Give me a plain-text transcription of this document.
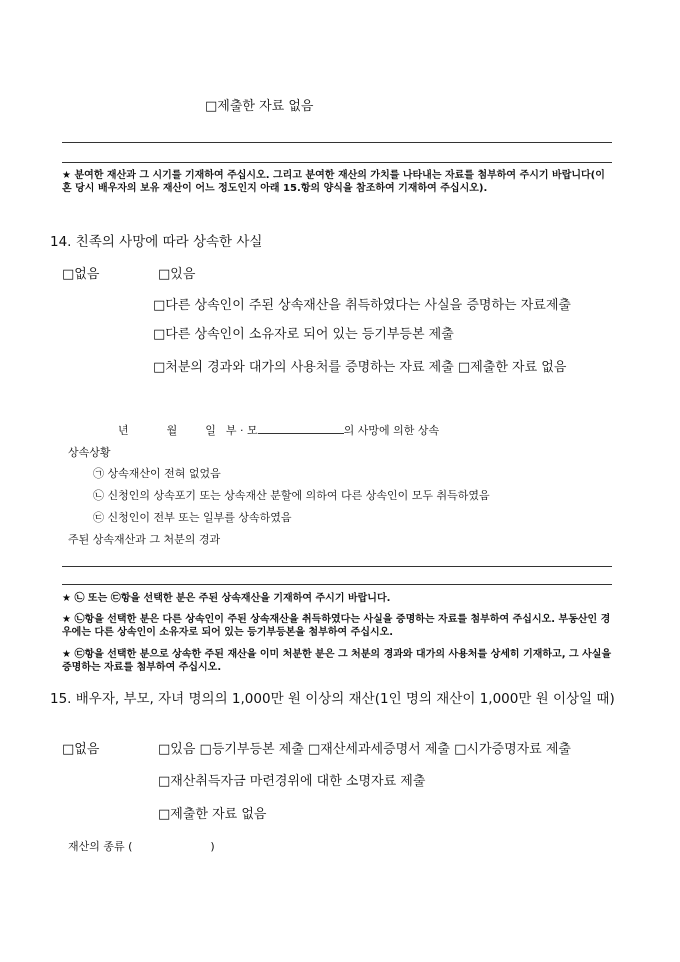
□제출한 자료 없음
★ 분여한 재산과 그 시기를 기재하여 주십시오. 그리고 분여한 재산의 가치를 나타내는 자료를 첨부하여 주시기 바랍니다(이혼 당시 배우자의 보유 재산이 어느 정도인지 아래 15.항의 양식을 참조하여 기재하여 주십시오).
14. 친족의 사망에 따라 상속한 사실
□없음	□있음
□다른 상속인이 주된 상속재산을 취득하였다는 사실을 증명하는 자료제출
□다른 상속인이 소유자로 되어 있는 등기부등본 제출
□처분의 경과와 대가의 사용처를 증명하는 자료 제출 □제출한 자료 없음
년	월	일 부 · 모	의 사망에 의한 상속
상속상황
㉠ 상속재산이 전혀 없었음
㉡ 신청인의 상속포기 또는 상속재산 분할에 의하여 다른 상속인이 모두 취득하였음
㉢ 신청인이 전부 또는 일부를 상속하였음
주된 상속재산과 그 처분의 경과
★ ㉡ 또는 ㉢항을 선택한 분은 주된 상속재산을 기재하여 주시기 바랍니다.
★ ㉡항을 선택한 분은 다른 상속인이 주된 상속재산을 취득하였다는 사실을 증명하는 자료를 첨부하여 주십시오. 부동산인 경우에는 다른 상속인이 소유자로 되어 있는 등기부등본을 첨부하여 주십시오.
★ ㉢항을 선택한 분으로 상속한 주된 재산을 이미 처분한 분은 그 처분의 경과와 대가의 사용처를 상세히 기재하고, 그 사실을 증명하는 자료를 첨부하여 주십시오.
15. 배우자, 부모, 자녀 명의의 1,000만 원 이상의 재산(1인 명의 재산이 1,000만 원 이상일 때)
□없음	□있음 □등기부등본 제출 □재산세과세증명서 제출 □시가증명자료 제출
□재산취득자금 마련경위에 대한 소명자료 제출
□제출한 자료 없음
재산의 종류 (	)
